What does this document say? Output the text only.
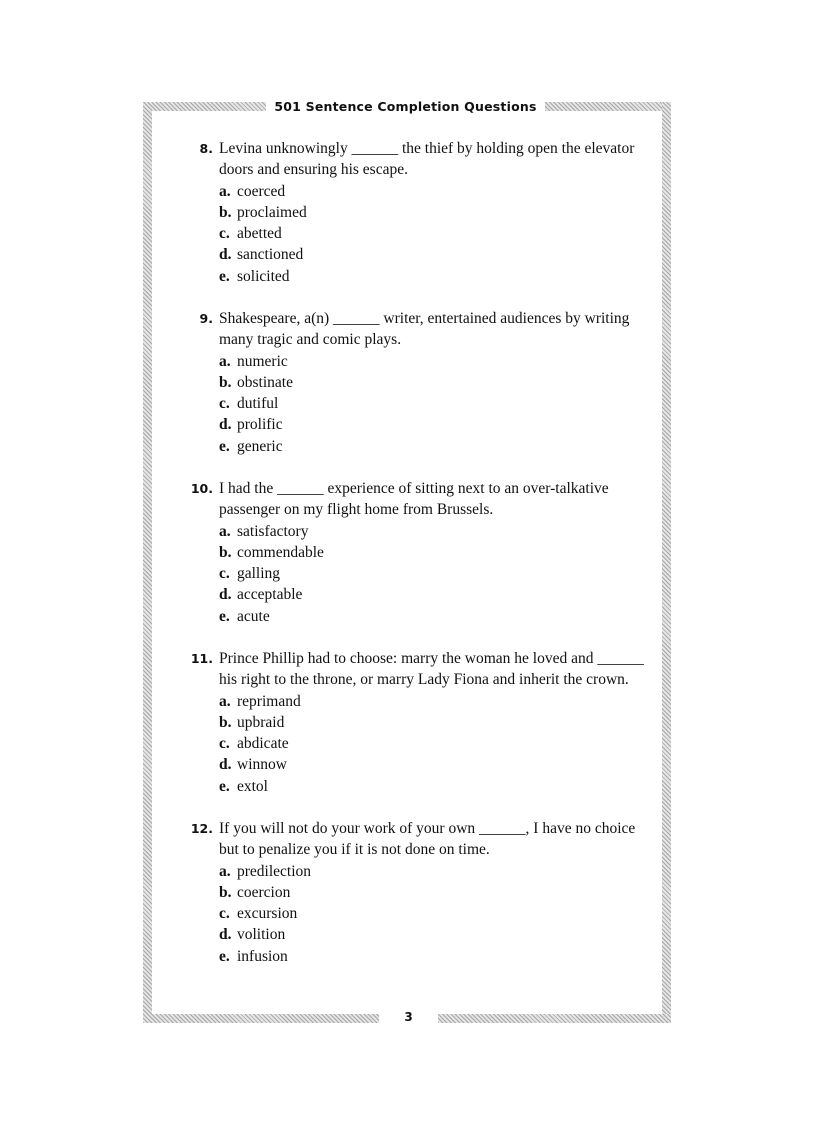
501 Sentence Completion Questions
8. Levina unknowingly ______ the thief by holding open the elevator doors and ensuring his escape.
a. coerced
b. proclaimed
c. abetted
d. sanctioned
e. solicited
9. Shakespeare, a(n) ______ writer, entertained audiences by writing many tragic and comic plays.
a. numeric
b. obstinate
c. dutiful
d. prolific
e. generic
10. I had the ______ experience of sitting next to an over-talkative passenger on my flight home from Brussels.
a. satisfactory
b. commendable
c. galling
d. acceptable
e. acute
11. Prince Phillip had to choose: marry the woman he loved and ______ his right to the throne, or marry Lady Fiona and inherit the crown.
a. reprimand
b. upbraid
c. abdicate
d. winnow
e. extol
12. If you will not do your work of your own ______, I have no choice but to penalize you if it is not done on time.
a. predilection
b. coercion
c. excursion
d. volition
e. infusion
3
